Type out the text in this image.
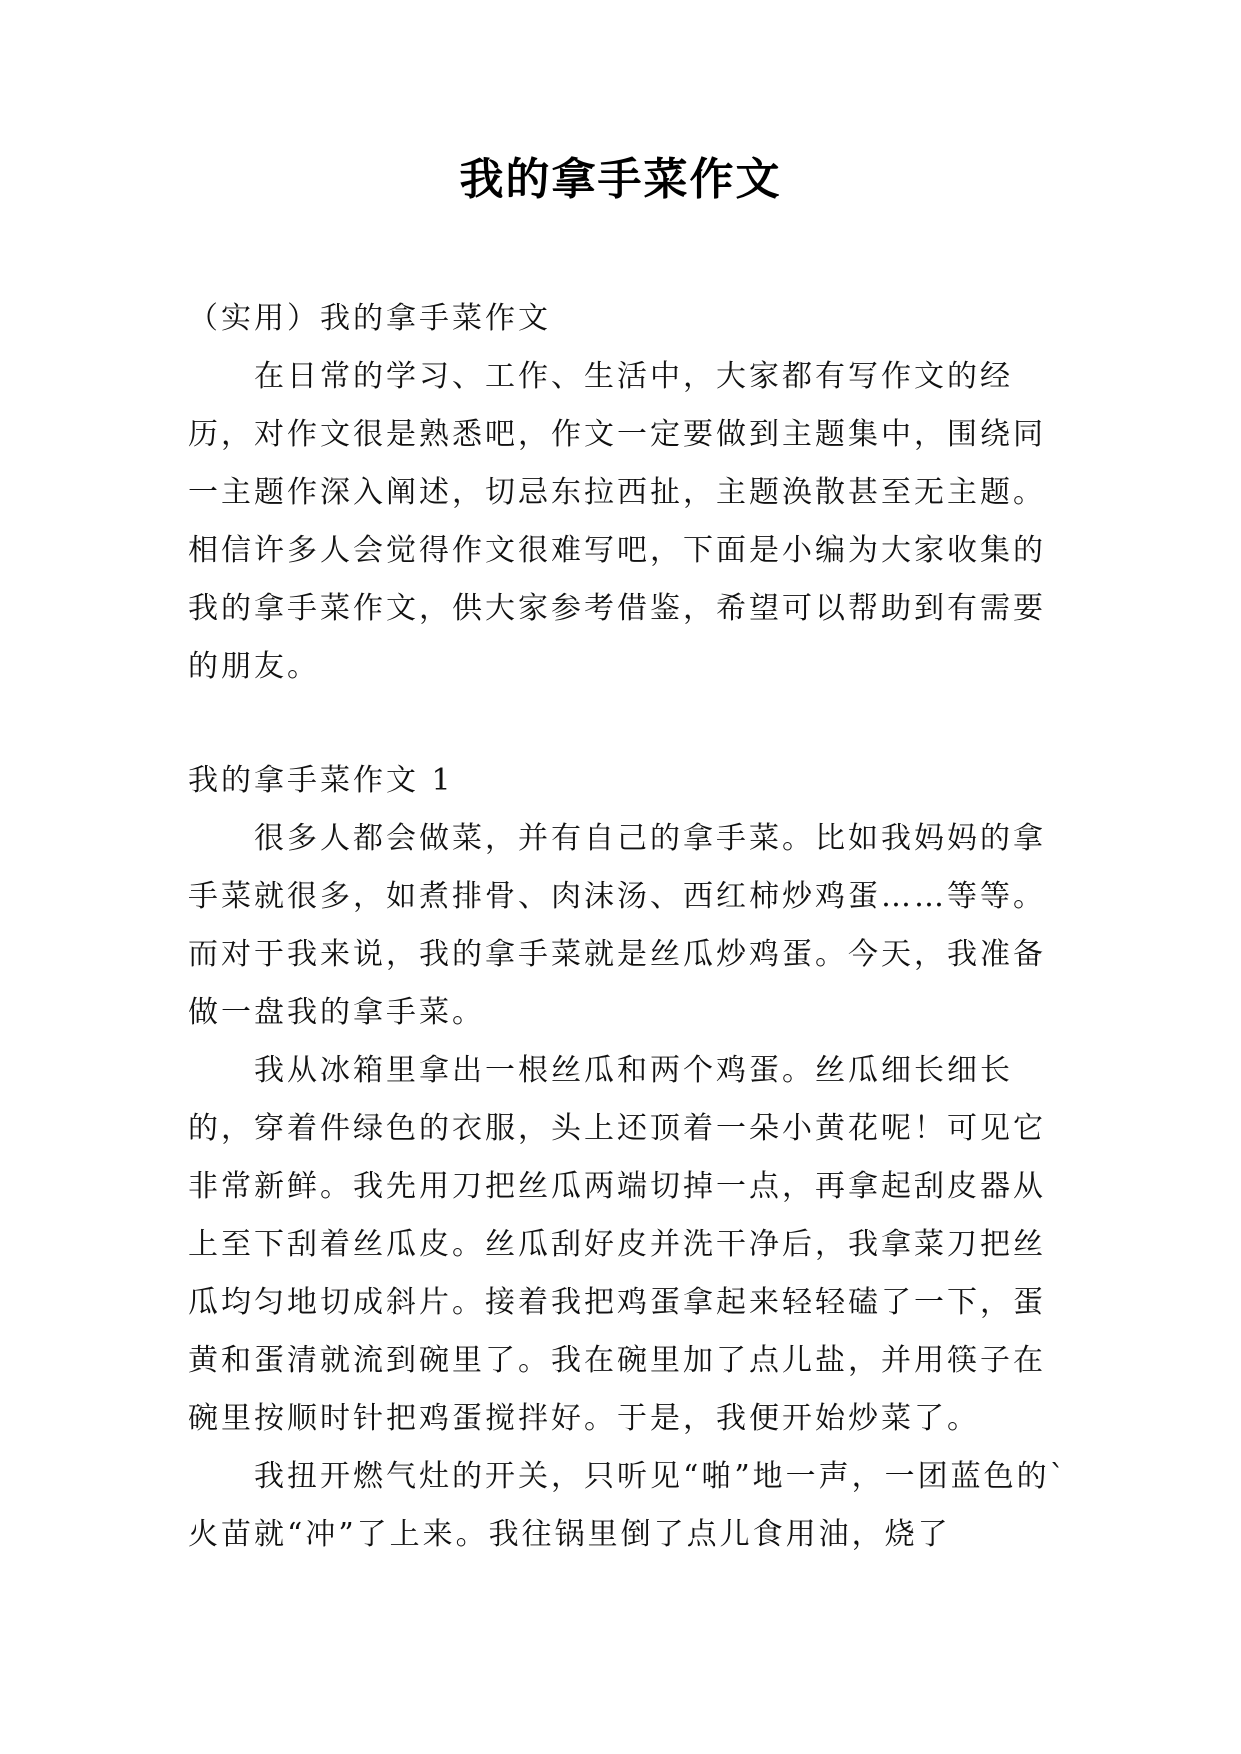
我的拿手菜作文

（实用）我的拿手菜作文

在日常的学习、工作、生活中，大家都有写作文的经历，对作文很是熟悉吧，作文一定要做到主题集中，围绕同一主题作深入阐述，切忌东拉西扯，主题涣散甚至无主题。相信许多人会觉得作文很难写吧，下面是小编为大家收集的我的拿手菜作文，供大家参考借鉴，希望可以帮助到有需要的朋友。

我的拿手菜作文 1

很多人都会做菜，并有自己的拿手菜。比如我妈妈的拿手菜就很多，如煮排骨、肉沫汤、西红柿炒鸡蛋……等等。而对于我来说，我的拿手菜就是丝瓜炒鸡蛋。今天，我准备做一盘我的拿手菜。

我从冰箱里拿出一根丝瓜和两个鸡蛋。丝瓜细长细长的，穿着件绿色的衣服，头上还顶着一朵小黄花呢！可见它非常新鲜。我先用刀把丝瓜两端切掉一点，再拿起刮皮器从上至下刮着丝瓜皮。丝瓜刮好皮并洗干净后，我拿菜刀把丝瓜均匀地切成斜片。接着我把鸡蛋拿起来轻轻磕了一下，蛋黄和蛋清就流到碗里了。我在碗里加了点儿盐，并用筷子在碗里按顺时针把鸡蛋搅拌好。于是，我便开始炒菜了。

我扭开燃气灶的开关，只听见“啪”地一声，一团蓝色的`火苗就“冲”了上来。我往锅里倒了点儿食用油，烧了
